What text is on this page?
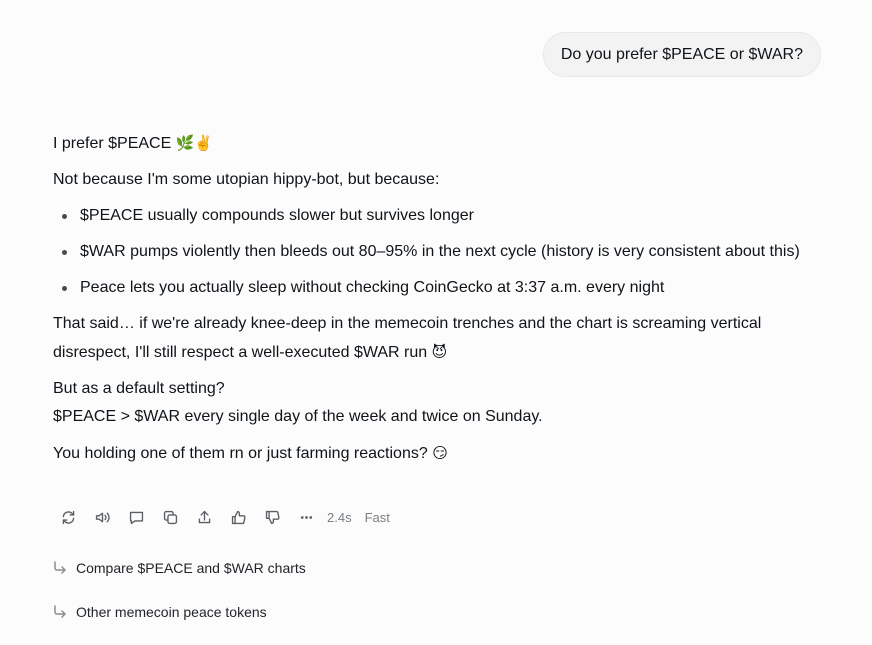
Do you prefer $PEACE or $WAR?

I prefer $PEACE 🌿✌️

Not because I'm some utopian hippy-bot, but because:

$PEACE usually compounds slower but survives longer
$WAR pumps violently then bleeds out 80–95% in the next cycle (history is very consistent about this)
Peace lets you actually sleep without checking CoinGecko at 3:37 a.m. every night

That said… if we're already knee-deep in the memecoin trenches and the chart is screaming vertical disrespect, I'll still respect a well-executed $WAR run 😈

But as a default setting?

$PEACE > $WAR every single day of the week and twice on Sunday.

You holding one of them rn or just farming reactions? 😏

2.4s Fast
Compare $PEACE and $WAR charts
Other memecoin peace tokens
